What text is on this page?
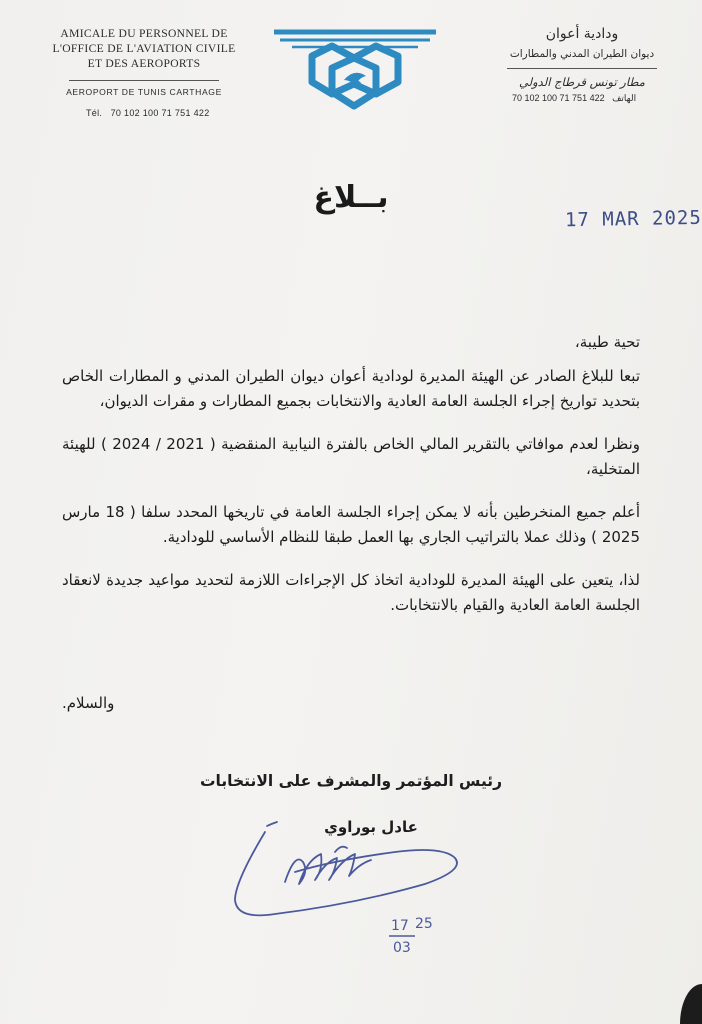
AMICALE DU PERSONNEL DE
L'OFFICE DE L'AVIATION CIVILE
ET DES AEROPORTS
AEROPORT DE TUNIS CARTHAGE
Tél. 70 102 100 71 751 422
ودادية أعوان
ديوان الطيران المدني والمطارات
مطار تونس قرطاج الدولي
70 102 100 71 751 422 الهاتف
بــلاغ
17 MAR 2025

تحية طيبة،

تبعا للبلاغ الصادر عن الهيئة المديرة لودادية أعوان ديوان الطيران المدني و المطارات الخاص بتحديد تواريخ إجراء الجلسة العامة العادية والانتخابات بجميع المطارات و مقرات الديوان،

ونظرا لعدم موافاتي بالتقرير المالي الخاص بالفترة النيابية المنقضية ( 2021 / 2024 ) للهيئة المتخلية،

أعلم جميع المنخرطين بأنه لا يمكن إجراء الجلسة العامة في تاريخها المحدد سلفا ( 18 مارس 2025 ) وذلك عملا بالتراتيب الجاري بها العمل طبقا للنظام الأساسي للودادية.

لذا، يتعين على الهيئة المديرة للودادية اتخاذ كل الإجراءات اللازمة لتحديد مواعيد جديدة لانعقاد الجلسة العامة العادية والقيام بالانتخابات.

والسلام.
رئيس المؤتمر والمشرف على الانتخابات
عادل بوراوي
17 25
03
